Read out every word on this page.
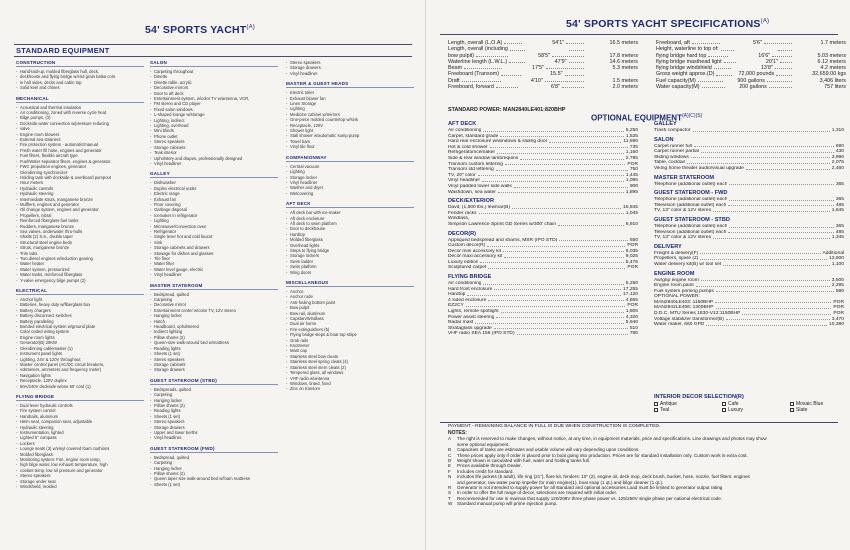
54' SPORTS $YACHT^{(A)}$
STANDARD EQUIPMENT
CONSTRUCTION
- Hand-laid-up, molded fiberglass hull, deck,
- deckhouse and flying bridge w/end grain balsa core
- in hull sides, decks and cabin top
- Solid keel and chines
MECHANICAL
- Acoustical and thermal insulation
- Air conditioning, zoned with reverse cycle heat
- Bilge pumps, (3)
- Dockside water connection w/pressure reducing
- valve
- Engine room blowers
- External sea strainers
- Fire protection system - automatic/manual
- Fresh water fill hose, engines and generator
- Fuel filters, flexible aircraft type
- Fuel/Water separator filters, engines & generator
- FWC propulsion engines, generator
- Glendinning synchronizer
- Holding tank with dockside & overboard pumpout
- Hour meters
- Hydraulic controls
- Hydraulic steering
- Intermediate struts, manganese bronze
- Mufflers, engines and generator
- Oil change system, engines and generator
- Propellers, nibral
- Reinforced fiberglass fuel tanks
- Rudders, manganese bronze
- Sea valves, underwater thru-hulls
- Shafts (2) S.S., double taper
- Structural steel engine beds
- Struts, manganese bronze
- Trim tabs
- Two diesel engines w/induction gearing
- Water heater
- Water system, pressurized
- Water tanks, reinforced fiberglass
- Y-valve emergency bilge pumps (2)
ELECTRICAL
- Anchor light
- Batteries, heavy duty w/fiberglass box
- Battery chargers
- Battery disconnect switches
- Battery paralleling
- Bonded electrical system w/ground plate
- Color coded wiring system
- Engine room lights
- Generator(B) 20KW
- Glendinning cablemaster (1)
- Instrument panel lights
- Lighting, 24V & 120V throughout
- Master control panel (AC/DC circuit breakers,
- voltmeters, ammeters and frequency meter)
- Navigation lights
- Receptacle, 120V duplex
- 50A/240V dockside w/one 50' cord (1)
FLYING BRIDGE
- Dual lever hydraulic controls
- Fire system control
- Handrails, aluminum
- Helm seat, companion seat, adjustable
- Hydraulic steering
- Instrumentation, lighted
- Lighted 5" compass
- Lockers
- Lounge seats (3) w/vinyl covered foam cushions
- Molded fiberglass
- Monitoring system: Fire, engine room temp,
- high bilge water, low exhaust temperature, high
- coolant temp, low oil pressure and generator
- Stereo speakers
- Storage under seat
- Windshield, molded
SALON
- Carpeting throughout
- Dinette
- Dinette table, acrylic
- Decorative mirrors
- Door to aft deck
- Entertainment system, w/color TV w/antenna, VCR,
- FM stereo and CD player
- Fixed salon windows
- L-shaped lounge w/storage
- Lighting, indirect
- Lighting, overhead
- Mini blinds
- Phone outlet
- Stereo speakers
- Storage cabinets
- Teak interior
- Upholstery and drapes, professionally designed
- Vinyl headliner
GALLEY
- Dishwasher
- Duplex electrical outlet
- Electric range
- Exhaust fan
- Floor covering
- Garbage disposal
- Icemaker in refrigerator
- Lighting
- Microwave/Convection oven
- Refrigerator
- Single lever hot and cold faucet
- Sink
- Storage cabinets and drawers
- Stowage for dishes and glasses
- Tile floor
- Water filter
- Water level gauge, electric
- Vinyl headliner
MASTER STATEROOM
- Bedspread, quilted
- Carpeting
- Decorative mirror
- Entertainment center w/color TV, 12V stereo
- Hanging locker
- Hatch
- Headboard, upholstered
- Indirect lighting
- Pillow shams (2)
- Queen-size walk-around bed w/mattress
- Reading lights
- Sheets (1 set)
- Stereo speakers
- Storage cabinets
- Storage drawers
GUEST STATEROOM (STBD)
- Bedspreads, quilted
- Carpeting
- Hanging locker
- Pillow shams (2)
- Reading lights
- Sheets (1 set)
- Stereo speakers
- Storage drawers
- Upper and lower berths
- Vinyl headliner
GUEST STATEROOM (FWD)
- Bedspread, quilted
- Carpeting
- Hanging locker
- Pillow shams (2)
- Queen taper size walk-around bed w/foam mattress
- Sheets (1 set)
- Stereo speakers
- Storage drawers
- Vinyl headliner
MASTER & GUEST HEADS
- Electric toilet
- Exhaust blower fan
- Linen Storage
- Lighting
- Medicine cabinet w/mirrors
- One-piece molded countertop w/sink
- Receptacle, 120V
- Shower light
- Stall shower w/automatic sump pump
- Towel bars
- Vinyl tile floor
COMPANIONWAY
- Central vacuum
- Lighting
- Storage locker
- Vinyl headliner
- Washer and dryer
- Wetcovering
AFT DECK
- Aft deck bar with ice-maker
- Aft deck enclosure
- Aft deck to swim platform
- Door to deckhouse
- Hardtop
- Molded fiberglass
- Overhead lights
- Steps to flying bridge
- Storage lockers
- Swim ladder
- Swim platform
- Wing doors
MISCELLANEOUS
- Anchor
- Anchor rode
- Anti-fouling bottom paint
- Bow pulpit
- Bow rail, aluminum
- Capstan/Windlass
- Dual air horns
- Fire extinguishers (5)
- Flying bridge steps & boat top stripe
- Grab rails
- Knotmeter
- Mast cap
- Stainless steel bow cleats
- Stainless steel spring cleats (4)
- Stainless steel stern cleats (2)
- Tempered glass, all windows
- VHF radio w/antenna
- Windows, tinted, fixed
- Zinc on transom
54' SPORTS YACHT $SPECIFICATIONS^{(A)}$
Length, overall (L.O.A)	54'1"	16.5 meters
Length, overall (including
bow pulpit)	58'5"	17.8 meters
Waterline length (L.W.L.)	47'9"	14.6 meters
Beam	17'5"	5.3 meters
Freeboard (Transom)	15.5"
Draft	4'10"	1.5 meters
Freeboard, forward	6'8"	2.0 meters
Freeboard, aft	5'6"	1.7 meters
Height, waterline to top of:
flying bridge hard top	16'6"	5.03 meters
flying bridge masthead light	20'1"	6.12 meters
flying bridge windshield	13'8"	4.2 meters
Gross weight approx.(D)	72,000 pounds	32,659.00 kgs
Fuel capacity(M)	900 gallons	3,406 liters
Water capacity(M)	200 gallons	757 liters
STANDARD POWER: MAN2840LE401:820BHP
OPTIONAL $EQUIPMENT^{(A)(C)(S)}$
AFT DECK
Air conditioning	5,250
Carpet, standard grade	1,525
Hard rear enclosure w/windows & sliding door	11,890
Hot & cold shower	735
Refrigerator/icemaker	1,160
Side & rear window lambrequins	2,785
Transom custom lettering	POR
Transom std lettering	750
TV, 20" color	1,445
Vinyl headliner	1,095
Vinyl padded lower side walls	900
Washdown, sea water	1,895
DECK/EXTERIOR
Davit, (1,500 lbs.) lewmar(B)	16,845
Fender racks	1,045
Windlass,
Simpson Lawrence Sprint GD Series w/300' chain	6,910
DECOR(R)
Appliqued bedspread and shams, MSR (IPO STD)	550
Custom decor(R)	POR
Decor mini accessory kit	6,035
Decor maxi accessory kit	9,025
Luxury edition	5,475
Sculptured carpet	POR
FLYING BRIDGE
Air conditioning	5,250
Hard front enclosure	17,255
Hardtop	17,120
4 sided enclosure	4,865
EZ2CY	POR
Lights, remote spotlight	1,805
Power assist steering	4,320
Radar mast	5,940
Strataglass upgrade	510
VHF radio SEA 156 (IPO STD)	780
GALLEY
Trash compactor	1,310
SALON
Carpet runner full	690
Carpet runner partial	430
Sliding windows	3,990
Table, cocktail	2,075
Viking home theater audio/visual upgrade	2,460
MASTER STATEROOM
Telephone (additional outlet) each	365
GUEST STATEROOM - FWD
Telephone (additional outlet) each	365
Television (additional outlet) each	485
TV, 13" color & 12V stereo	1,645
GUEST STATEROOM - STBD
Telephone (additional outlet) each	365
Television (additional outlet) each	485
TV, 13" color & 12V stereo	1,345
DELIVERY
Freight & delivery(F)	Additional
Propellers, spare (2)	13,500
Water delivery kit(B) w/ tool set	1,100
ENGINE ROOM
Aw/grip engine room	3,500
Engine room paint	2,295
Fuel system priming pumps	580
OPTIONAL POWER:
MAN2840LE403: 1150BHP	POR
MAN2842LE406: 1300BHP	POR
D.D.C. MTU Series 1830-V12:1150BHP	POR
Voltage stabilizer transformer(B)	3,470
Water maker, 660 GPD	10,380
INTERIOR DECOR SELECTION(R)
Antique	Cafe	Mosaic Blue
Teal	Luxury	Slate
PAYMENT - REMAINING BALANCE IN FULL IS DUE WHEN CONSTRUCTION IS COMPLETED.
NOTES:
A	The right is reserved to make changes, without notice, at any time, in equipment materials, price and specifications. Line drawings and photos may show
some optional equipment.
B	Capacities of tanks are estimates and usable volume will vary depending upon conditions.
C	These prices apply only if order is placed prior to boat going into production. Prices are for standard installation only. Custom work is extra cost.
D	Weight shown is calculated with fuel, water and holding tanks full.
E	Prices available through Dealer.
F	Includes credit for standard.
N	Includes life jackets (6 adult), life ring (21"), flare kit, fenders: 10" (2), engine oil, deck mop, deck brush, bucket, hose, nozzle, fuel filters: engines
and generator, raw water pump impeller for main engine(1), boat soap (1 qt.) and bilge cleaner (1 qt.).
R	Generator is not intended to supply power for all standard and optional accessories Load must be limited to generator output rating
S	In order to offer the full range of decor, selections are required with initial order.
T	Recommended for use in marinas that supply 120/208V three phase power vs. 125/250V single phase per national electrical code.
W	Standard manual pump will prime injection pump.
